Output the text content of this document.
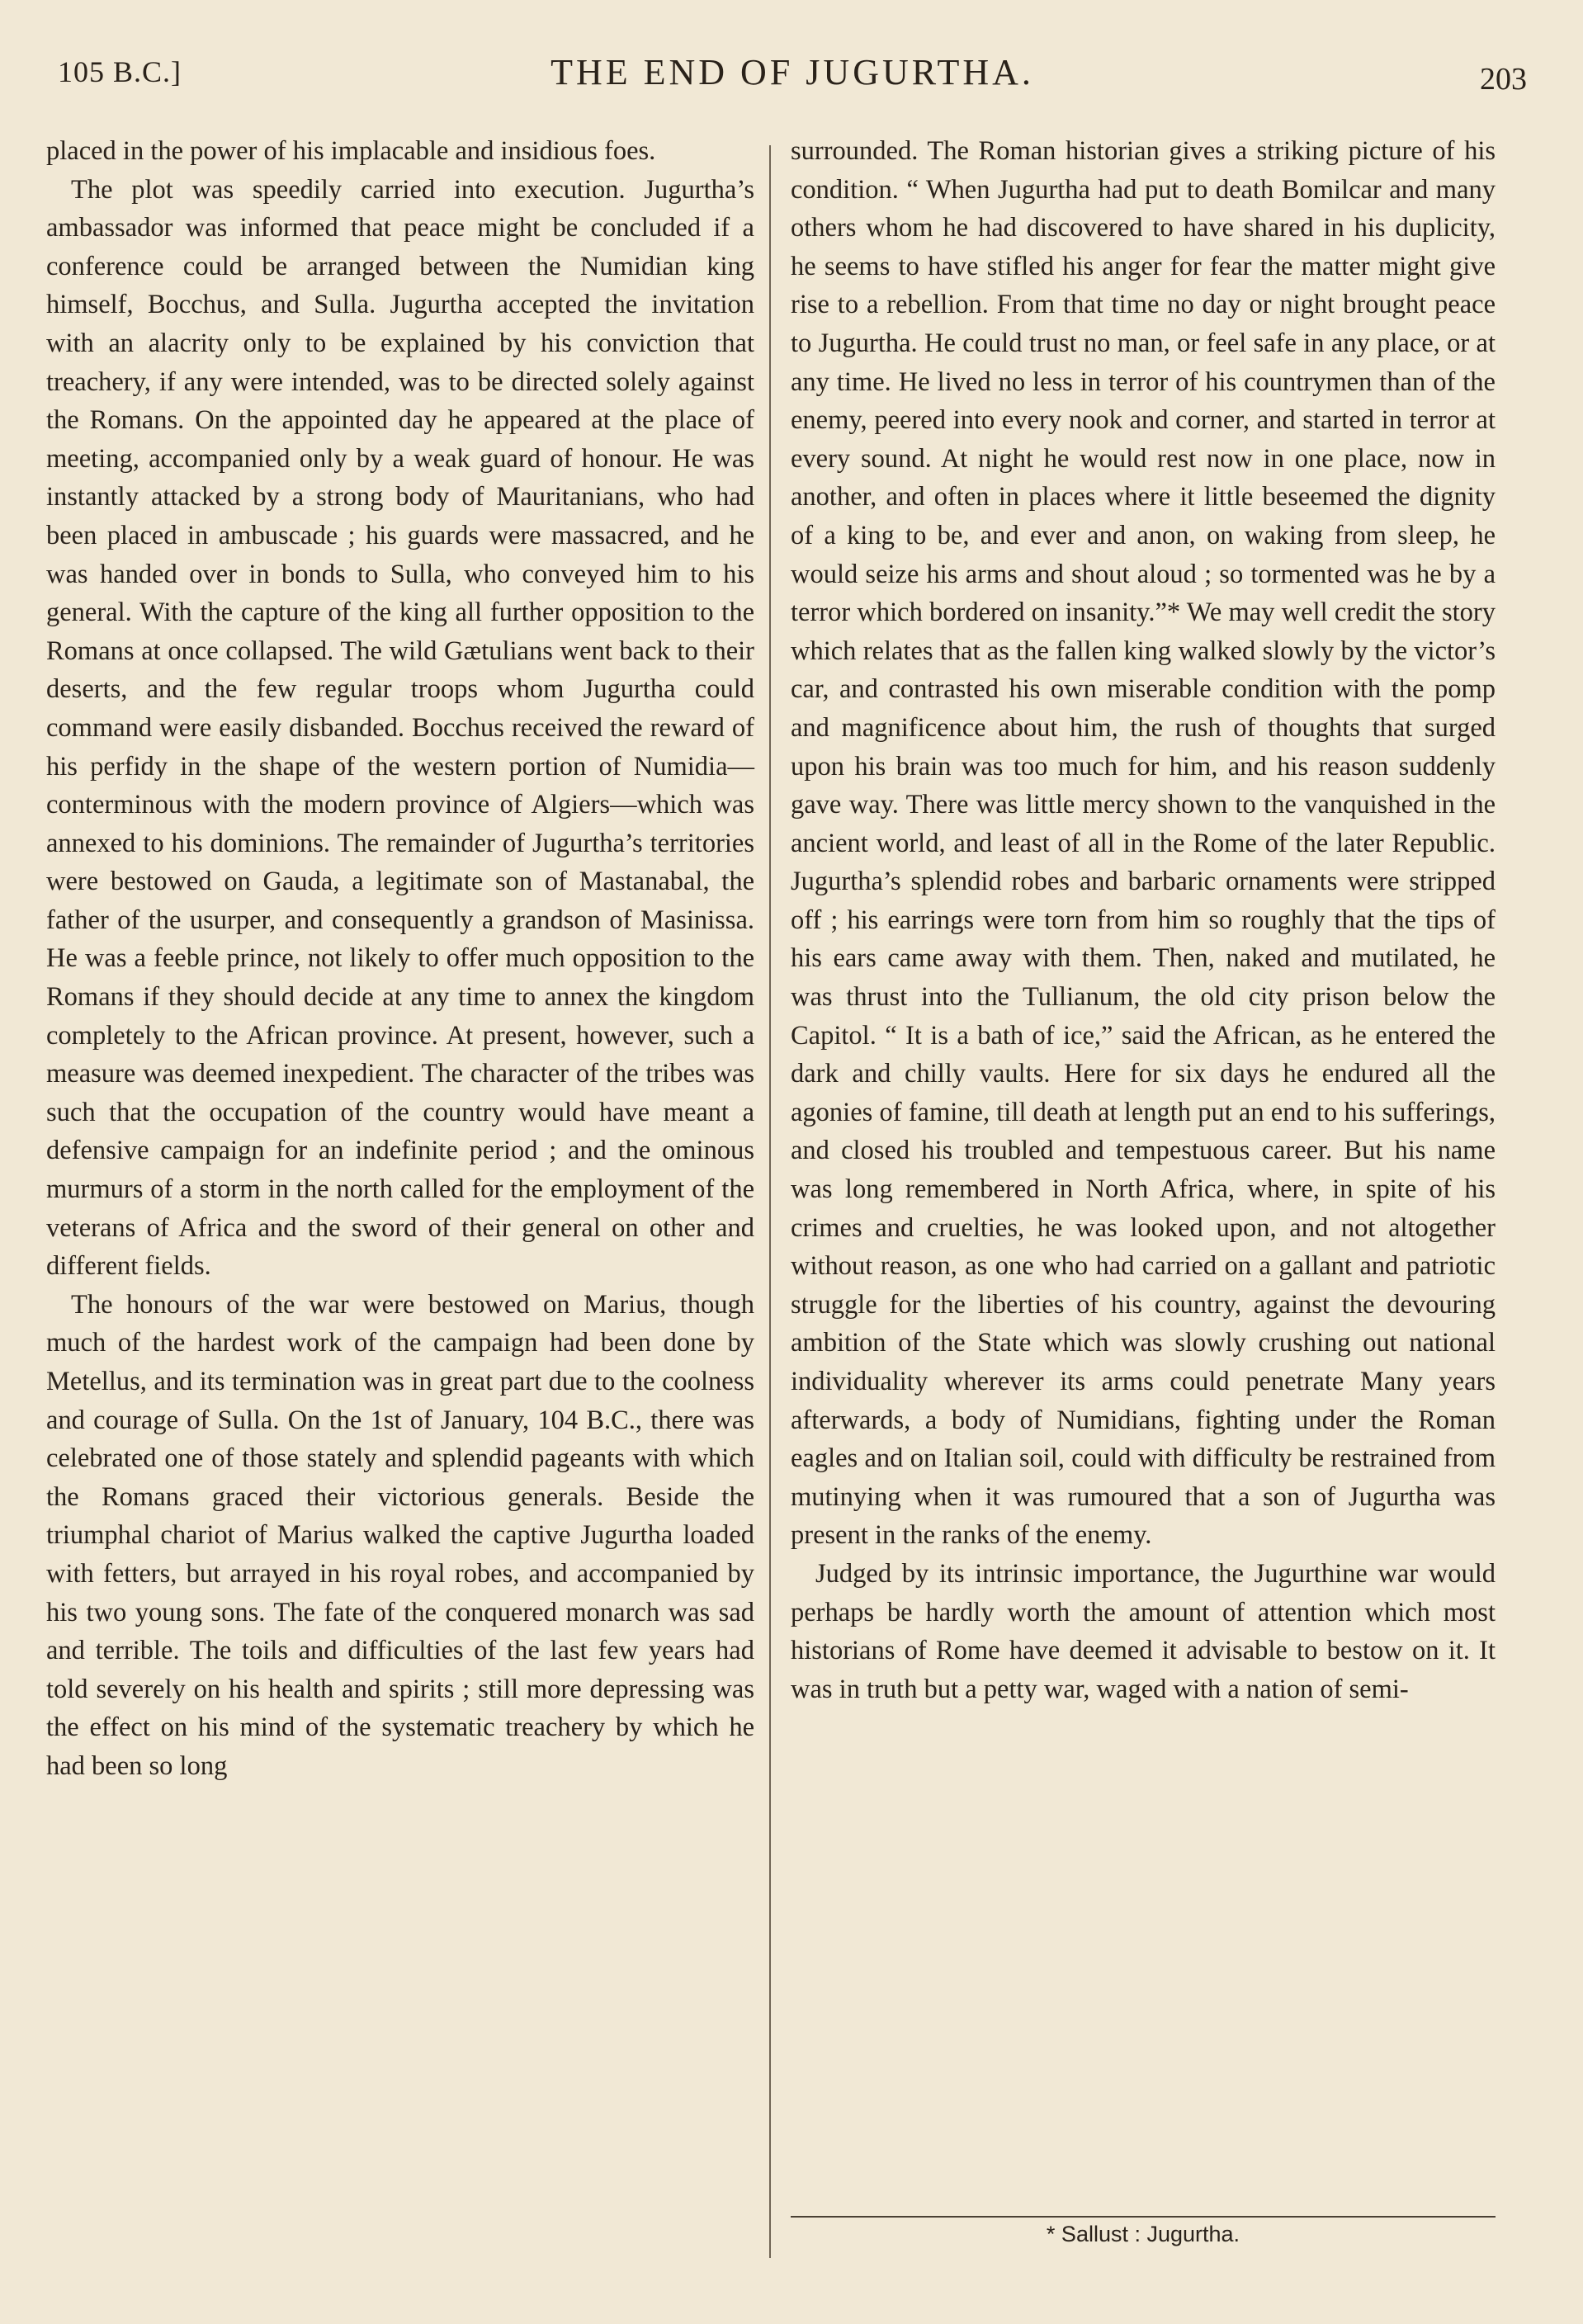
105 B.C.]	THE END OF JUGURTHA.	203

placed in the power of his implacable and insidious foes.

The plot was speedily carried into execution. Jugurtha’s ambassador was informed that peace might be concluded if a conference could be arranged between the Numidian king himself, Bocchus, and Sulla. Jugurtha accepted the invitation with an alacrity only to be explained by his conviction that treachery, if any were intended, was to be directed solely against the Romans. On the appointed day he appeared at the place of meeting, accompanied only by a weak guard of honour. He was instantly attacked by a strong body of Mauritanians, who had been placed in ambuscade ; his guards were massacred, and he was handed over in bonds to Sulla, who conveyed him to his general. With the capture of the king all further opposition to the Romans at once collapsed. The wild Gætulians went back to their deserts, and the few regular troops whom Jugurtha could command were easily disbanded. Bocchus received the reward of his perfidy in the shape of the western portion of Numidia—conterminous with the modern province of Algiers—which was annexed to his dominions. The remainder of Jugurtha’s territories were bestowed on Gauda, a legitimate son of Mastanabal, the father of the usurper, and consequently a grandson of Masinissa. He was a feeble prince, not likely to offer much opposition to the Romans if they should decide at any time to annex the kingdom completely to the African province. At present, however, such a measure was deemed inexpedient. The character of the tribes was such that the occupation of the country would have meant a defensive campaign for an indefinite period ; and the ominous murmurs of a storm in the north called for the employment of the veterans of Africa and the sword of their general on other and different fields.

The honours of the war were bestowed on Marius, though much of the hardest work of the campaign had been done by Metellus, and its termination was in great part due to the coolness and courage of Sulla. On the 1st of January, 104 B.C., there was celebrated one of those stately and splendid pageants with which the Romans graced their victorious generals. Beside the triumphal chariot of Marius walked the captive Jugurtha loaded with fetters, but arrayed in his royal robes, and accompanied by his two young sons. The fate of the conquered monarch was sad and terrible. The toils and difficulties of the last few years had told severely on his health and spirits ; still more depressing was the effect on his mind of the systematic treachery by which he had been so long

surrounded. The Roman historian gives a striking picture of his condition. “ When Jugurtha had put to death Bomilcar and many others whom he had discovered to have shared in his duplicity, he seems to have stifled his anger for fear the matter might give rise to a rebellion. From that time no day or night brought peace to Jugurtha. He could trust no man, or feel safe in any place, or at any time. He lived no less in terror of his countrymen than of the enemy, peered into every nook and corner, and started in terror at every sound. At night he would rest now in one place, now in another, and often in places where it little beseemed the dignity of a king to be, and ever and anon, on waking from sleep, he would seize his arms and shout aloud ; so tormented was he by a terror which bordered on insanity.”* We may well credit the story which relates that as the fallen king walked slowly by the victor’s car, and contrasted his own miserable condition with the pomp and magnificence about him, the rush of thoughts that surged upon his brain was too much for him, and his reason suddenly gave way. There was little mercy shown to the vanquished in the ancient world, and least of all in the Rome of the later Republic. Jugurtha’s splendid robes and barbaric ornaments were stripped off ; his earrings were torn from him so roughly that the tips of his ears came away with them. Then, naked and mutilated, he was thrust into the Tullianum, the old city prison below the Capitol. “ It is a bath of ice,” said the African, as he entered the dark and chilly vaults. Here for six days he endured all the agonies of famine, till death at length put an end to his sufferings, and closed his troubled and tempestuous career. But his name was long remembered in North Africa, where, in spite of his crimes and cruelties, he was looked upon, and not altogether without reason, as one who had carried on a gallant and patriotic struggle for the liberties of his country, against the devouring ambition of the State which was slowly crushing out national individuality wherever its arms could penetrate Many years afterwards, a body of Numidians, fighting under the Roman eagles and on Italian soil, could with difficulty be restrained from mutinying when it was rumoured that a son of Jugurtha was present in the ranks of the enemy.

Judged by its intrinsic importance, the Jugurthine war would perhaps be hardly worth the amount of attention which most historians of Rome have deemed it advisable to bestow on it. It was in truth but a petty war, waged with a nation of semi-

* Sallust : Jugurtha.
